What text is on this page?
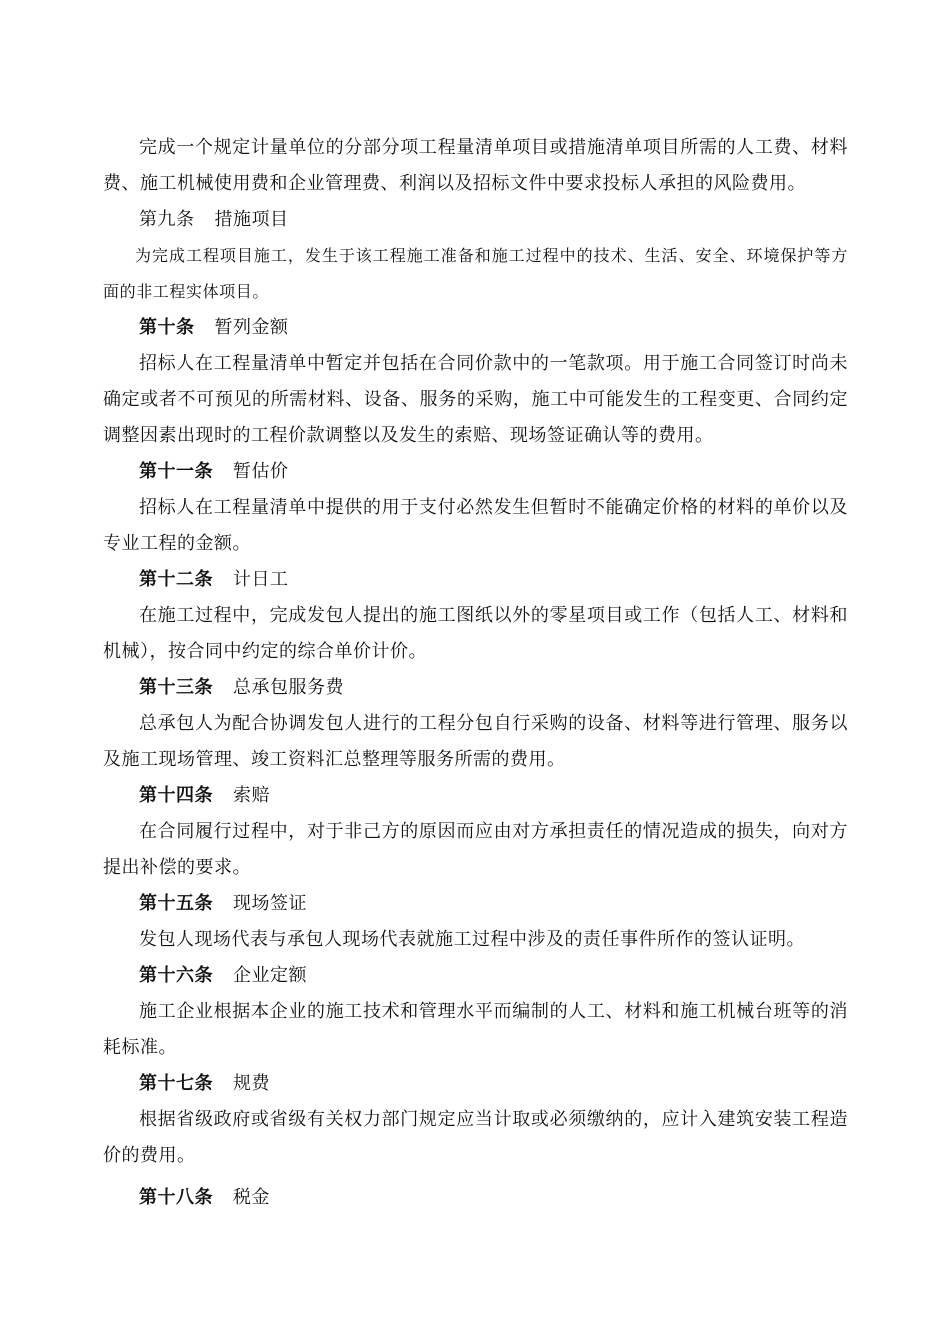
完成一个规定计量单位的分部分项工程量清单项目或措施清单项目所需的人工费、材料费、施工机械使用费和企业管理费、利润以及招标文件中要求投标人承担的风险费用。

第九条 措施项目

为完成工程项目施工，发生于该工程施工准备和施工过程中的技术、生活、安全、环境保护等方面的非工程实体项目。

第十条 暂列金额

招标人在工程量清单中暂定并包括在合同价款中的一笔款项。用于施工合同签订时尚未确定或者不可预见的所需材料、设备、服务的采购，施工中可能发生的工程变更、合同约定调整因素出现时的工程价款调整以及发生的索赔、现场签证确认等的费用。

第十一条 暂估价

招标人在工程量清单中提供的用于支付必然发生但暂时不能确定价格的材料的单价以及专业工程的金额。

第十二条 计日工

在施工过程中，完成发包人提出的施工图纸以外的零星项目或工作（包括人工、材料和机械），按合同中约定的综合单价计价。

第十三条 总承包服务费

总承包人为配合协调发包人进行的工程分包自行采购的设备、材料等进行管理、服务以及施工现场管理、竣工资料汇总整理等服务所需的费用。

第十四条 索赔

在合同履行过程中，对于非己方的原因而应由对方承担责任的情况造成的损失，向对方提出补偿的要求。

第十五条 现场签证

发包人现场代表与承包人现场代表就施工过程中涉及的责任事件所作的签认证明。

第十六条 企业定额

施工企业根据本企业的施工技术和管理水平而编制的人工、材料和施工机械台班等的消耗标准。

第十七条 规费

根据省级政府或省级有关权力部门规定应当计取或必须缴纳的，应计入建筑安装工程造价的费用。

第十八条 税金
